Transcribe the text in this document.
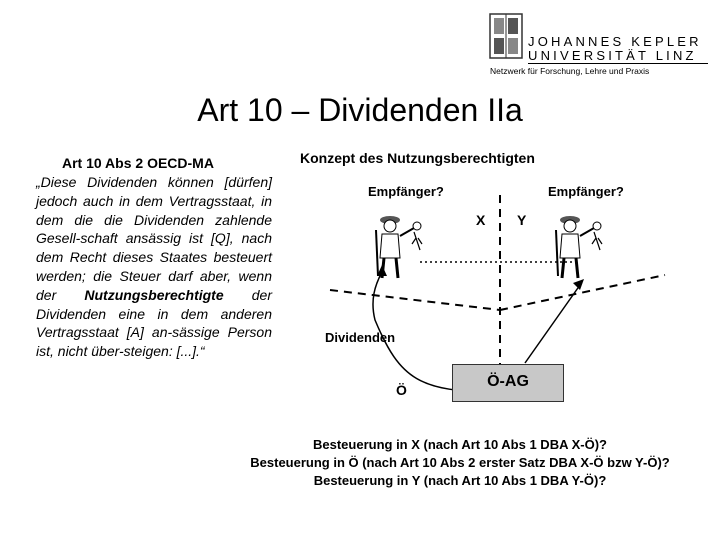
JOHANNES KEPLER
UNIVERSITÄT LINZ
Netzwerk für Forschung, Lehre und Praxis
Art 10 – Dividenden IIa
Art 10 Abs 2 OECD-MA

„Diese Dividenden können [dürfen] jedoch auch in dem Vertragsstaat, in dem die die Dividenden zahlende Gesell-schaft ansässig ist [Q], nach dem Recht dieses Staates besteuert werden; die Steuer darf aber, wenn der Nutzungsberechtigte der Dividenden eine in dem anderen Vertragsstaat [A] an-sässige Person ist, nicht über-steigen: [...].“

Konzept des Nutzungsberechtigten
Empfänger?	Empfänger?
X Y
Dividenden
Ö	Ö-AG
Besteuerung in X (nach Art 10 Abs 1 DBA X-Ö)?
Besteuerung in Ö (nach Art 10 Abs 2 erster Satz DBA X-Ö bzw Y-Ö)?
Besteuerung in Y (nach Art 10 Abs 1 DBA Y-Ö)?
